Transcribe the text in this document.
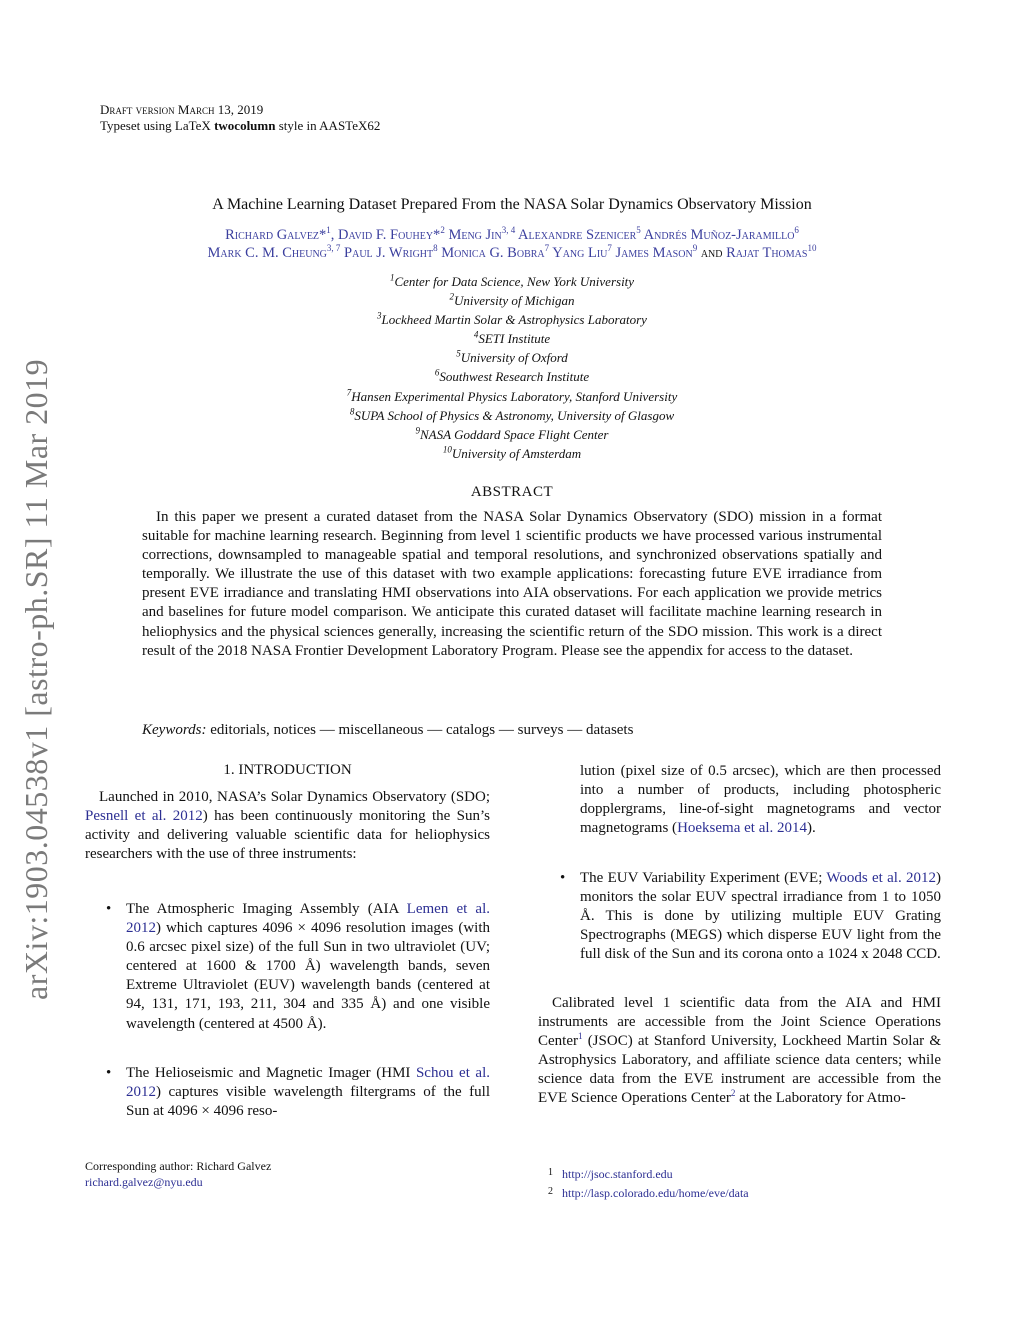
arXiv:1903.04538v1 [astro-ph.SR] 11 Mar 2019
Draft version March 13, 2019
Typeset using LaTeX twocolumn style in AASTeX62
A Machine Learning Dataset Prepared From the NASA Solar Dynamics Observatory Mission
Richard Galvez*$^1$, David F. Fouhey*$^2$ Meng Jin$^{3, 4}$ Alexandre Szenicer$^5$ Andrés Muñoz-Jaramillo$^6$
Mark C. M. Cheung$^{3, 7}$ Paul J. Wright$^8$ Monica G. Bobra$^7$ Yang Liu$^7$ James Mason$^9$ and Rajat Thomas$^{10}$
$^1$Center for Data Science, New York University
$^2$University of Michigan
$^3$Lockheed Martin Solar & Astrophysics Laboratory
$^4$SETI Institute
$^5$University of Oxford
$^6$Southwest Research Institute
$^7$Hansen Experimental Physics Laboratory, Stanford University
$^8$SUPA School of Physics & Astronomy, University of Glasgow
$^9$NASA Goddard Space Flight Center
$^{10}$University of Amsterdam
ABSTRACT
In this paper we present a curated dataset from the NASA Solar Dynamics Observatory (SDO) mission in a format suitable for machine learning research. Beginning from level 1 scientific products we have processed various instrumental corrections, downsampled to manageable spatial and temporal resolutions, and synchronized observations spatially and temporally. We illustrate the use of this dataset with two example applications: forecasting future EVE irradiance from present EVE irradiance and translating HMI observations into AIA observations. For each application we provide metrics and baselines for future model comparison. We anticipate this curated dataset will facilitate machine learning research in heliophysics and the physical sciences generally, increasing the scientific return of the SDO mission. This work is a direct result of the 2018 NASA Frontier Development Laboratory Program. Please see the appendix for access to the dataset.
Keywords: editorials, notices — miscellaneous — catalogs — surveys — datasets
1. INTRODUCTION
Launched in 2010, NASA’s Solar Dynamics Observatory (SDO; Pesnell et al. 2012) has been continuously monitoring the Sun’s activity and delivering valuable scientific data for heliophysics researchers with the use of three instruments:
• The Atmospheric Imaging Assembly (AIA Lemen et al. 2012) which captures 4096 × 4096 resolution images (with 0.6 arcsec pixel size) of the full Sun in two ultraviolet (UV; centered at 1600 & 1700 Å) wavelength bands, seven Extreme Ultraviolet (EUV) wavelength bands (centered at 94, 131, 171, 193, 211, 304 and 335 Å) and one visible wavelength (centered at 4500 Å).

• The Helioseismic and Magnetic Imager (HMI Schou et al. 2012) captures visible wavelength filtergrams of the full Sun at 4096 × 4096 reso-

lution (pixel size of 0.5 arcsec), which are then processed into a number of products, including photospheric dopplergrams, line-of-sight magnetograms and vector magnetograms (Hoeksema et al. 2014).
• The EUV Variability Experiment (EVE; Woods et al. 2012) monitors the solar EUV spectral irradiance from 1 to 1050 Å. This is done by utilizing multiple EUV Grating Spectrographs (MEGS) which disperse EUV light from the full disk of the Sun and its corona onto a 1024 x 2048 CCD.

Calibrated level 1 scientific data from the AIA and HMI instruments are accessible from the Joint Science Operations Center$^1$ (JSOC) at Stanford University, Lockheed Martin Solar & Astrophysics Laboratory, and affiliate science data centers; while science data from the EVE instrument are accessible from the EVE Science Operations Center$^2$ at the Laboratory for Atmo-
Corresponding author: Richard Galvez
richard.galvez@nyu.edu
1 http://jsoc.stanford.edu
2 http://lasp.colorado.edu/home/eve/data
